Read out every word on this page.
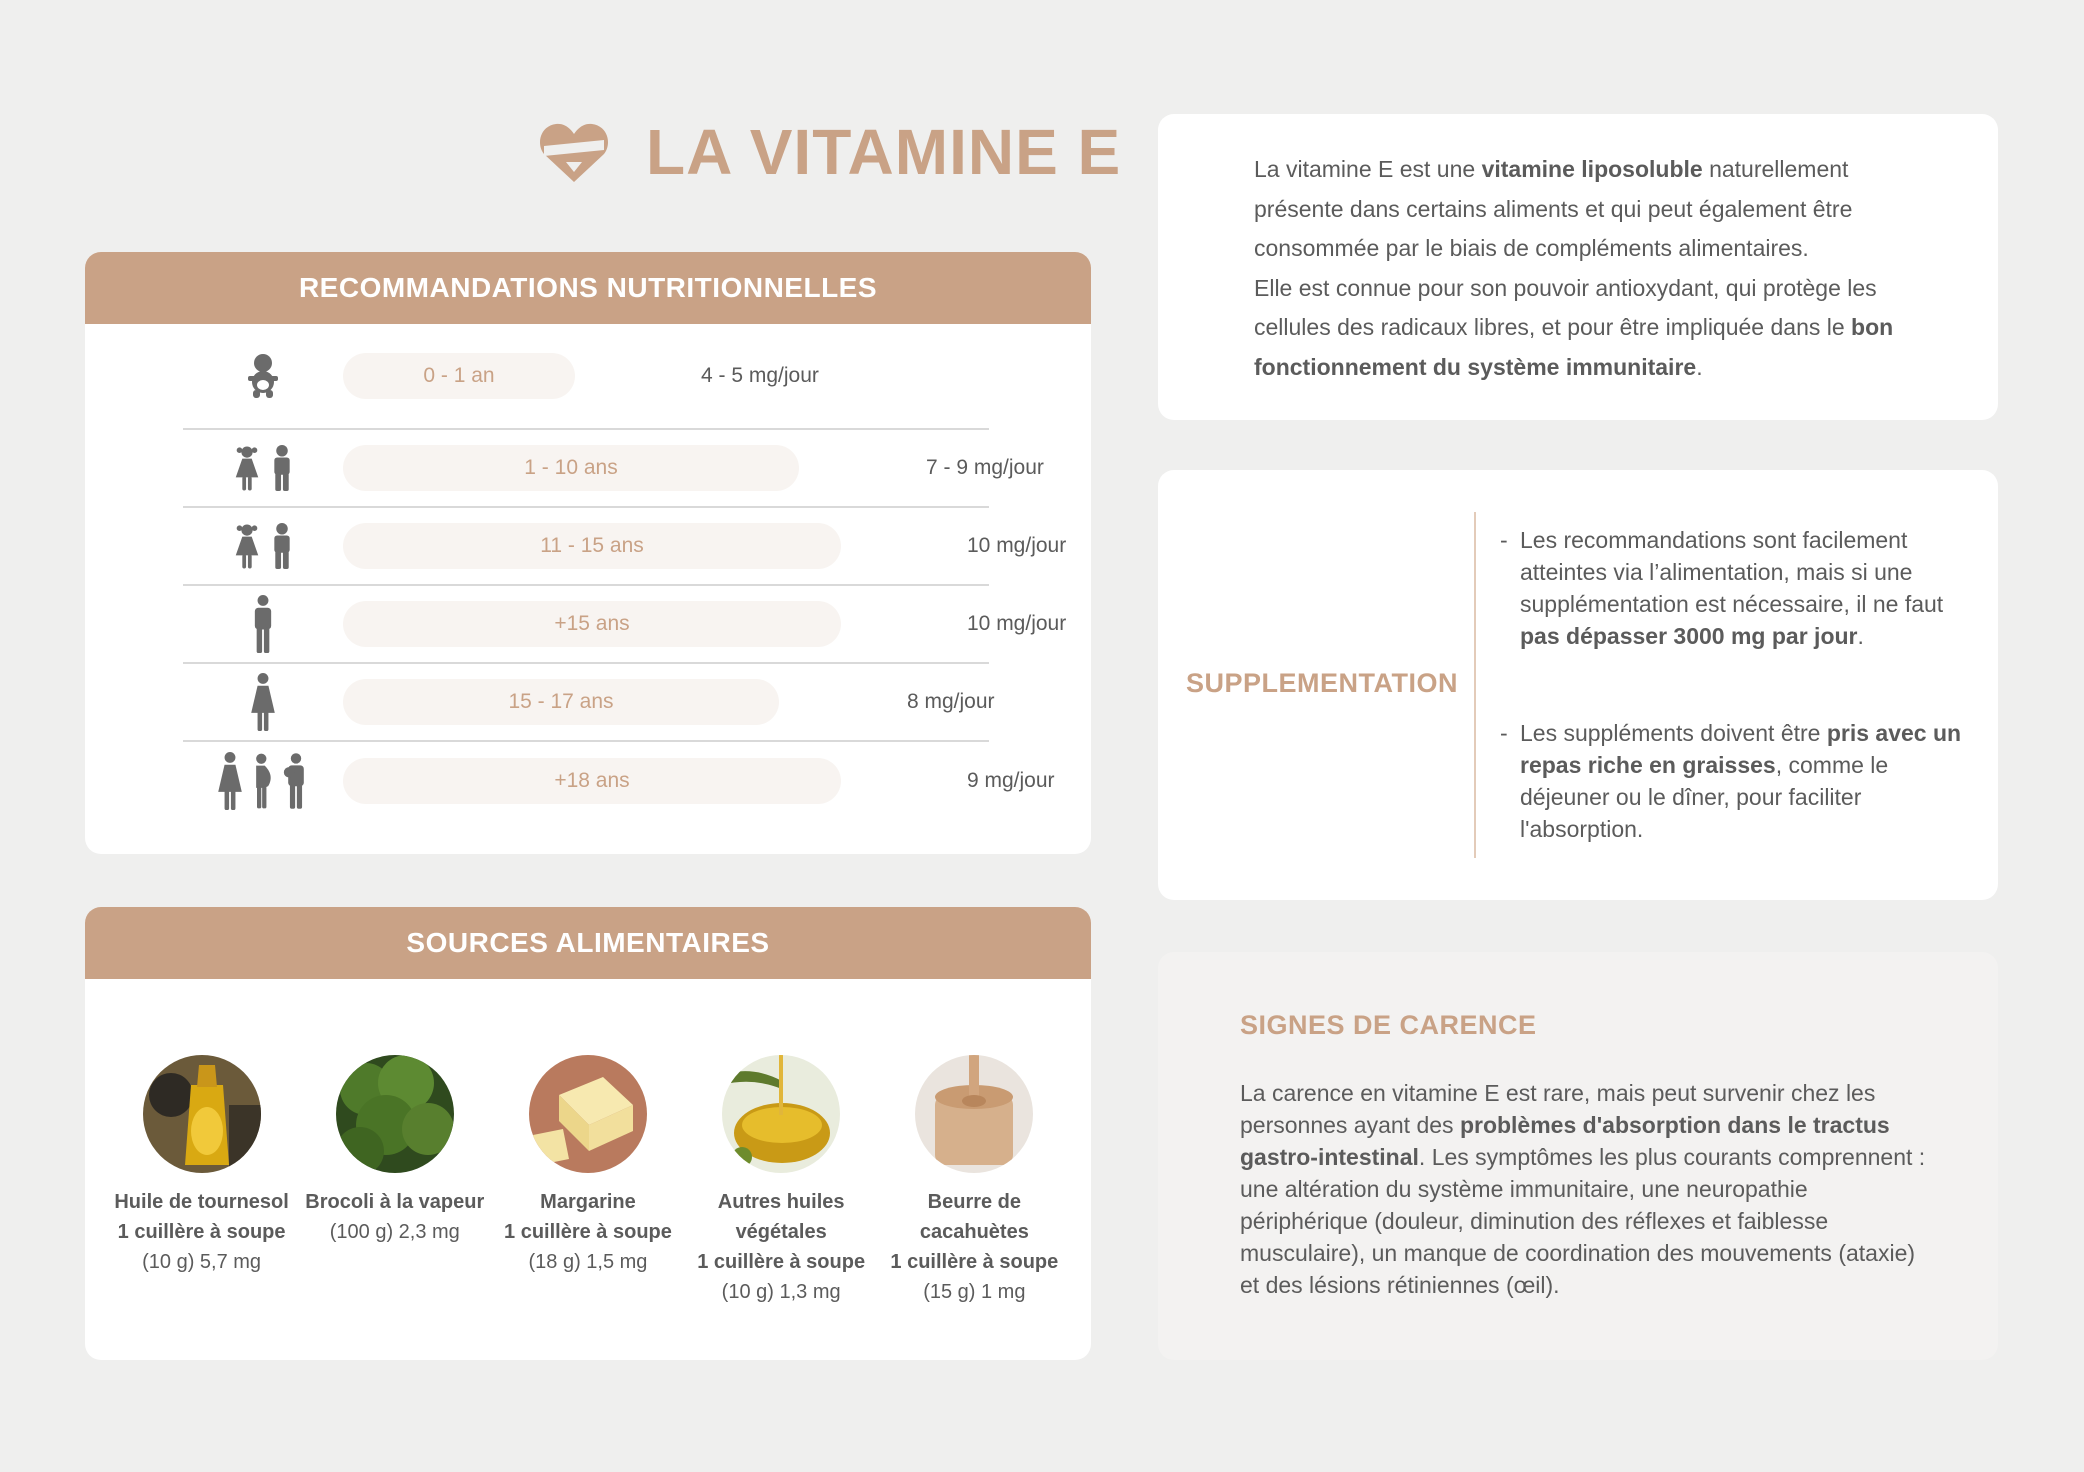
LA VITAMINE E
RECOMMANDATIONS NUTRITIONNELLES
0 - 1 an	4 - 5 mg/jour
1 - 10 ans	7 - 9 mg/jour
11 - 15 ans	10 mg/jour
+15 ans	10 mg/jour
15 - 17 ans	8 mg/jour
+18 ans	9 mg/jour
SOURCES ALIMENTAIRES
Huile de tournesol
1 cuillère à soupe
(10 g) 5,7 mg
Brocoli à la vapeur
(100 g) 2,3 mg
Margarine
1 cuillère à soupe
(18 g) 1,5 mg
Autres huiles végétales
1 cuillère à soupe
(10 g) 1,3 mg
Beurre de cacahuètes
1 cuillère à soupe
(15 g) 1 mg
La vitamine E est une vitamine liposoluble naturellement présente dans certains aliments et qui peut également être consommée par le biais de compléments alimentaires.
Elle est connue pour son pouvoir antioxydant, qui protège les cellules des radicaux libres, et pour être impliquée dans le bon fonctionnement du système immunitaire.
SUPPLEMENTATION
- Les recommandations sont facilement atteintes via l’alimentation, mais si une supplémentation est nécessaire, il ne faut pas dépasser 3000 mg par jour.
- Les suppléments doivent être pris avec un repas riche en graisses, comme le déjeuner ou le dîner, pour faciliter l'absorption.
SIGNES DE CARENCE
La carence en vitamine E est rare, mais peut survenir chez les personnes ayant des problèmes d'absorption dans le tractus gastro-intestinal. Les symptômes les plus courants comprennent : une altération du système immunitaire, une neuropathie périphérique (douleur, diminution des réflexes et faiblesse musculaire), un manque de coordination des mouvements (ataxie) et des lésions rétiniennes (œil).
